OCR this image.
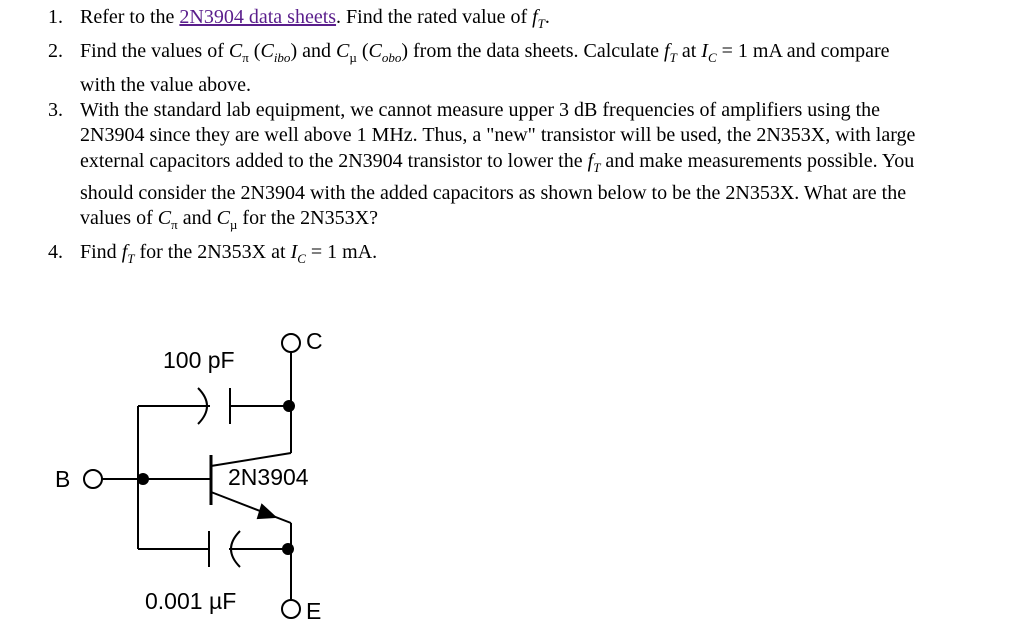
1. Refer to the 2N3904 data sheets. Find the rated value of $f_T$.
2. Find the values of $C_\pi$ $(C_{ibo})$ and $C_\mu$ $(C_{obo})$ from the data sheets. Calculate $f_T$ at $I_C = 1$ mA and compare
with the value above.
3. With the standard lab equipment, we cannot measure upper 3 dB frequencies of amplifiers using the
2N3904 since they are well above 1 MHz. Thus, a "new" transistor will be used, the 2N353X, with large
external capacitors added to the 2N3904 transistor to lower the $f_T$ and make measurements possible. You
should consider the 2N3904 with the added capacitors as shown below to be the 2N353X. What are the
values of $C_\pi$ and $C_\mu$ for the 2N353X?
4. Find $f_T$ for the 2N353X at $I_C = 1$ mA.
100 pF
C
B	2N3904
0.001 µF	E
